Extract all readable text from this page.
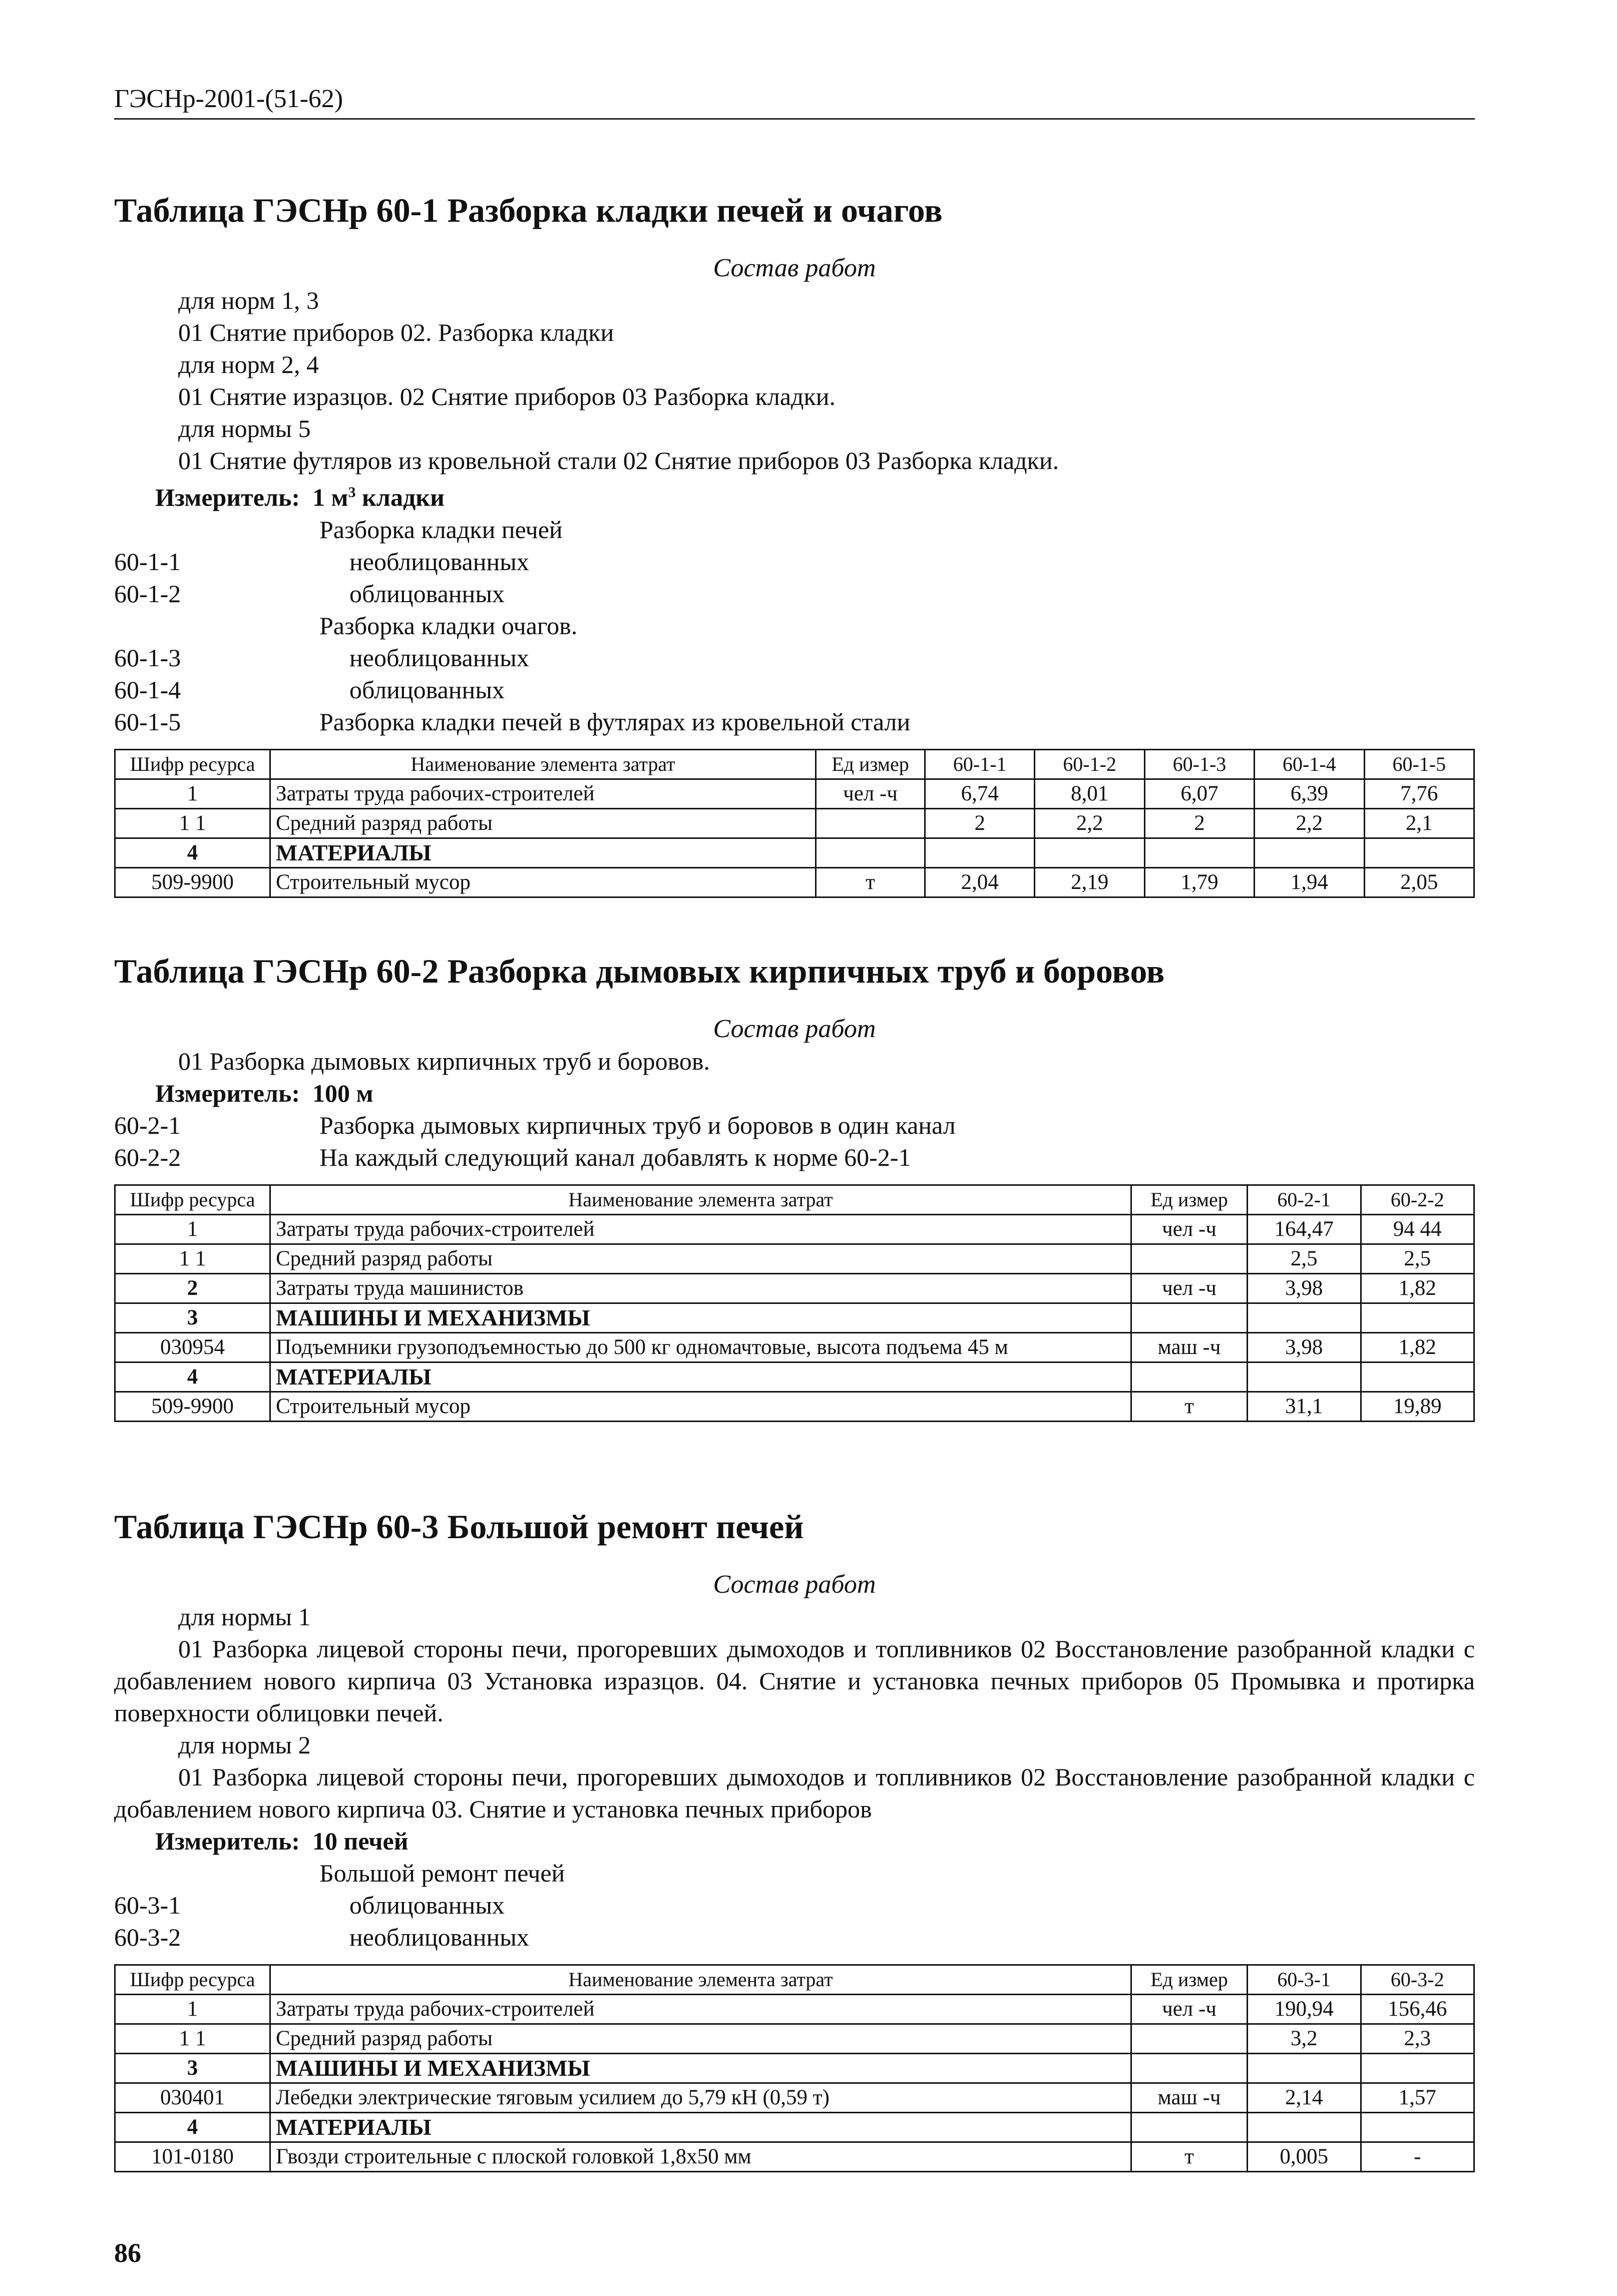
ГЭСНр-2001-(51-62)
Таблица ГЭСНр 60-1 Разборка кладки печей и очагов
Состав работ
для норм 1, 3
01 Снятие приборов 02. Разборка кладки
для норм 2, 4
01 Снятие изразцов. 02 Снятие приборов 03 Разборка кладки.
для нормы 5
01 Снятие футляров из кровельной стали 02 Снятие приборов 03 Разборка кладки.
Измеритель: 1 $м^3$ кладки
Разборка кладки печей
60-1-1	необлицованных
60-1-2	облицованных
Разборка кладки очагов.
60-1-3	необлицованных
60-1-4	облицованных
60-1-5	Разборка кладки печей в футлярах из кровельной стали
Шифр ресурса	Наименование элемента затрат	Ед измер	60-1-1	60-1-2	60-1-3	60-1-4	60-1-5
1	Затраты труда рабочих-строителей	чел -ч	6,74	8,01	6,07	6,39	7,76
1 1	Средний разряд работы		2	2,2	2	2,2	2,1
4	МАТЕРИАЛЫ						
509-9900	Строительный мусор	т	2,04	2,19	1,79	1,94	2,05
Таблица ГЭСНр 60-2 Разборка дымовых кирпичных труб и боровов
Состав работ
01 Разборка дымовых кирпичных труб и боровов.
Измеритель: 100 м
60-2-1	Разборка дымовых кирпичных труб и боровов в один канал
60-2-2	На каждый следующий канал добавлять к норме 60-2-1
Шифр ресурса	Наименование элемента затрат	Ед измер	60-2-1	60-2-2
1	Затраты труда рабочих-строителей	чел -ч	164,47	94 44
1 1	Средний разряд работы		2,5	2,5
2	Затраты труда машинистов	чел -ч	3,98	1,82
3	МАШИНЫ И МЕХАНИЗМЫ			
030954	Подъемники грузоподъемностью до 500 кг одномачтовые, высота подъема 45 м	маш -ч	3,98	1,82
4	МАТЕРИАЛЫ			
509-9900	Строительный мусор	т	31,1	19,89
Таблица ГЭСНр 60-3 Большой ремонт печей
Состав работ
для нормы 1
01 Разборка лицевой стороны печи, прогоревших дымоходов и топливников 02 Восстановление разобранной кладки с добавлением нового кирпича 03 Установка изразцов. 04. Снятие и установка печных приборов 05 Промывка и протирка поверхности облицовки печей.
для нормы 2
01 Разборка лицевой стороны печи, прогоревших дымоходов и топливников 02 Восстановление разобранной кладки с добавлением нового кирпича 03. Снятие и установка печных приборов
Измеритель: 10 печей
Большой ремонт печей
60-3-1	облицованных
60-3-2	необлицованных
Шифр ресурса	Наименование элемента затрат	Ед измер	60-3-1	60-3-2
1	Затраты труда рабочих-строителей	чел -ч	190,94	156,46
1 1	Средний разряд работы		3,2	2,3
3	МАШИНЫ И МЕХАНИЗМЫ			
030401	Лебедки электрические тяговым усилием до 5,79 кН (0,59 т)	маш -ч	2,14	1,57
4	МАТЕРИАЛЫ			
101-0180	Гвозди строительные с плоской головкой 1,8х50 мм	т	0,005	-
86
